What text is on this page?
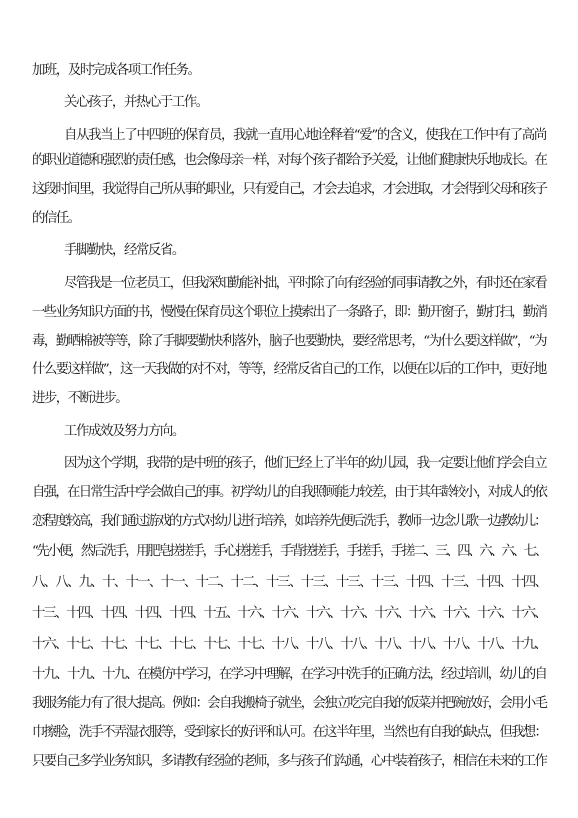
加班，及时完成各项工作任务。
关心孩子，并热心于工作。
自从我当上了中四班的保育员，我就一直用心地诠释着“爱”的含义，使我在工作中有了高尚
的职业道德和强烈的责任感，也会像母亲一样，对每个孩子都给予关爱，让他们健康快乐地成长。在
这段时间里，我觉得自己所从事的职业，只有爱自己，才会去追求，才会进取，才会得到父母和孩子
的信任。
手脚勤快，经常反省。
尽管我是一位老员工，但我深知勤能补拙，平时除了向有经验的同事请教之外，有时还在家看
一些业务知识方面的书，慢慢在保育员这个职位上摸索出了一条路子，即：勤开窗子，勤打扫，勤消
毒，勤晒棉被等等，除了手脚要勤快利落外，脑子也要勤快，要经常思考，“为什么要这样做”，“为
什么要这样做”，这一天我做的对不对，等等，经常反省自己的工作，以便在以后的工作中，更好地
进步，不断进步。
工作成效及努力方向。
因为这个学期，我带的是中班的孩子，他们已经上了半年的幼儿园，我一定要让他们学会自立
自强，在日常生活中学会做自己的事。初学幼儿的自我照顾能力较差，由于其年龄较小，对成人的依
恋程度较高，我们通过游戏的方式对幼儿进行培养，如培养先便后洗手，教师一边念儿歌一边教幼儿：
“先小便，然后洗手，用肥皂搓搓手，手心搓搓手，手背搓搓手，手搓手，手搓二、三、四、六、六、七、
八、八、九、十、十一、十一、十二、十二、十三、十三、十三、十三、十四、十三、十四、十四、
十三、十四、十四、十四、十四、十五、十六、十六、十六、十六、十六、十六、十六、十六、十六、
十六、十七、十七、十七、十七、十七、十七、十八、十八、十八、十八、十八、十八、十八、十九、
十九、十九、十九、在模仿中学习，在学习中理解，在学习中洗手的正确方法，经过培训，幼儿的自
我服务能力有了很大提高。例如：会自我搬椅子就坐，会独立吃完自我的饭菜并把碗放好，会用小毛
巾擦脸，洗手不弄湿衣服等，受到家长的好评和认可。在这半年里，当然也有自我的缺点，但我想：
只要自己多学业务知识，多请教有经验的老师，多与孩子们沟通，心中装着孩子，相信在未来的工作
